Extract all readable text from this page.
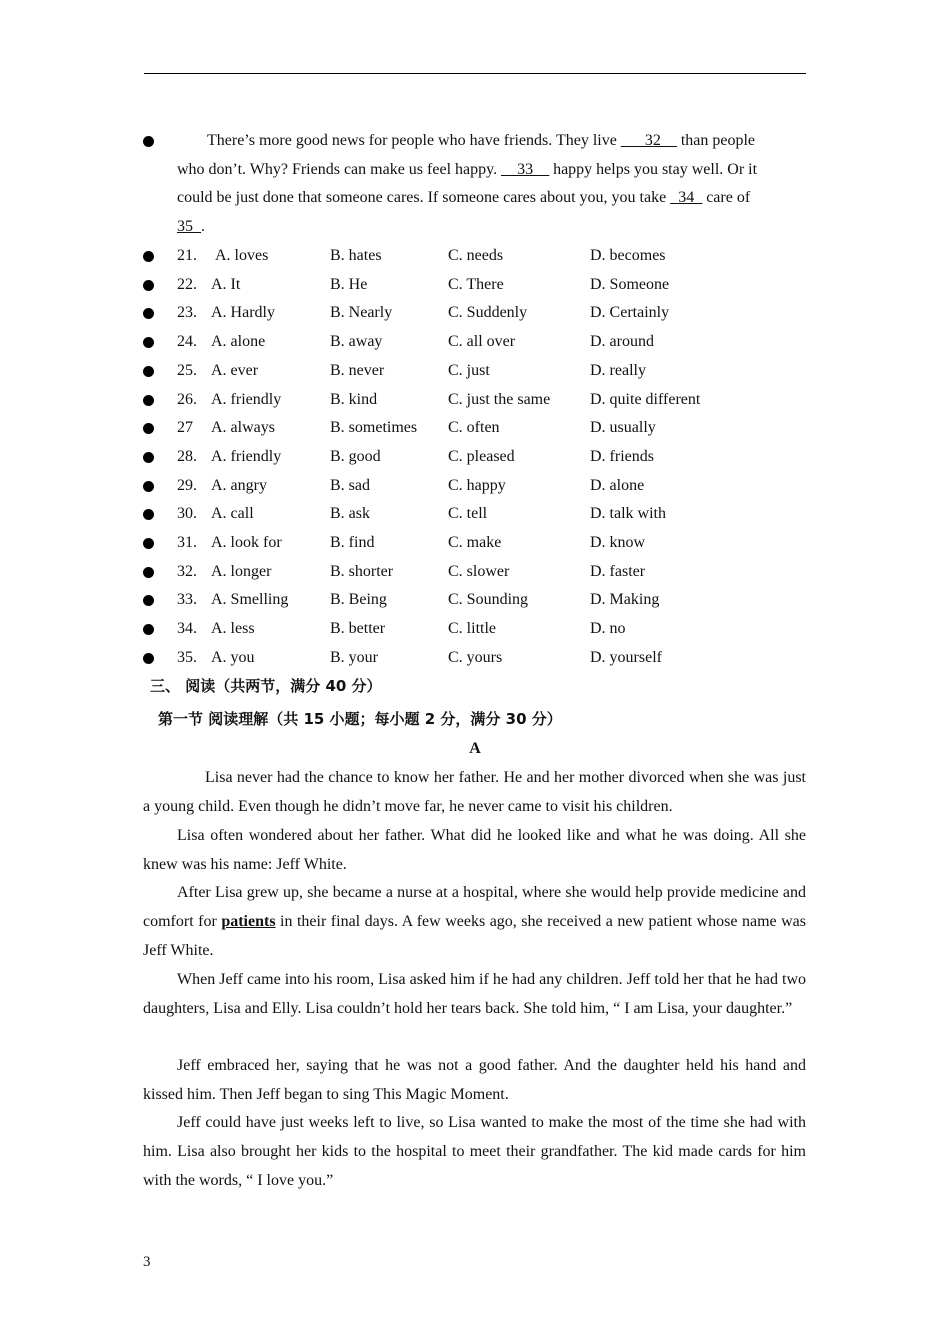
There’s more good news for people who have friends. They live ___32__ than people
who don’t. Why? Friends can make us feel happy. __33__ happy helps you stay well. Or it
could be just done that someone cares. If someone cares about you, you take _34_ care of
35_.
21. A. loves	B. hates	C. needs	D. becomes
22. A. It	B. He	C. There	D. Someone
23. A. Hardly	B. Nearly	C. Suddenly	D. Certainly
24. A. alone	B. away	C. all over	D. around
25. A. ever	B. never	C. just	D. really
26. A. friendly	B. kind	C. just the same D. quite different
27 A. always	B. sometimes C. often	D. usually
28. A. friendly	B. good	C. pleased	D. friends
29. A. angry	B. sad	C. happy	D. alone
30. A. call	B. ask	C. tell	D. talk with
31. A. look for	B. find	C. make	D. know
32. A. longer	B. shorter	C. slower	D. faster
33. A. Smelling	B. Being	C. Sounding	D. Making
34. A. less	B. better	C. little	D. no
35. A. you	B. your	C. yours	D. yourself
三、 阅读（共两节，满分 40 分）
第一节 阅读理解（共 15 小题；每小题 2 分，满分 30 分）
A
Lisa never had the chance to know her father. He and her mother divorced when she was just a young child. Even though he didn’t move far, he never came to visit his children.
Lisa often wondered about her father. What did he looked like and what he was doing. All she knew was his name: Jeff White.
After Lisa grew up, she became a nurse at a hospital, where she would help provide medicine and comfort for patients in their final days. A few weeks ago, she received a new patient whose name was Jeff White.
When Jeff came into his room, Lisa asked him if he had any children. Jeff told her that he had two daughters, Lisa and Elly. Lisa couldn’t hold her tears back. She told him, “ I am Lisa, your daughter.”
Jeff embraced her, saying that he was not a good father. And the daughter held his hand and kissed him. Then Jeff began to sing This Magic Moment.
Jeff could have just weeks left to live, so Lisa wanted to make the most of the time she had with him. Lisa also brought her kids to the hospital to meet their grandfather. The kid made cards for him with the words, “ I love you.”
3
